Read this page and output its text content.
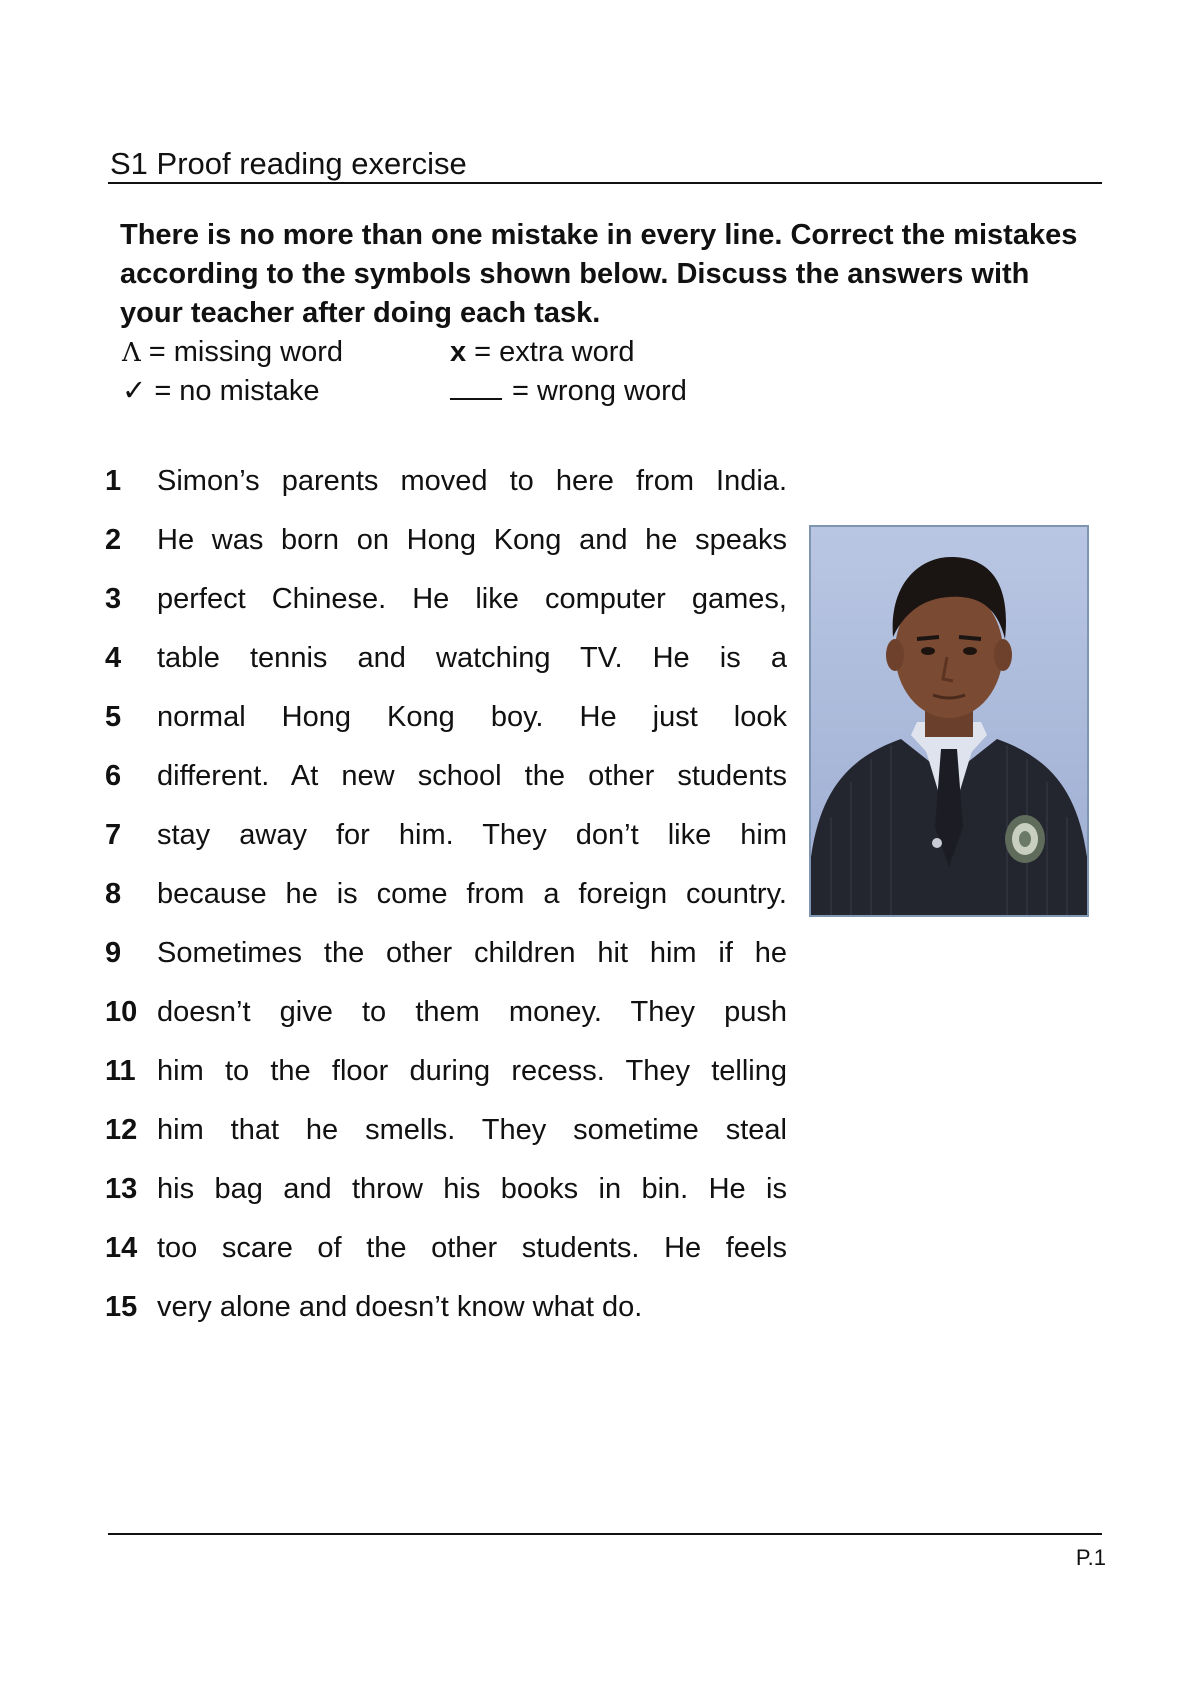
S1 Proof reading exercise
There is no more than one mistake in every line. Correct the mistakes according to the symbols shown below. Discuss the answers with your teacher after doing each task.
Λ = missing word	x = extra word
✓ = no mistake	= wrong word
1	Simon’s parents moved to here from India.
2	He was born on Hong Kong and he speaks
3	perfect Chinese. He like computer games,
4	table tennis and watching TV. He is a
5	normal Hong Kong boy. He just look
6	different. At new school the other students
7	stay away for him. They don’t like him
8	because he is come from a foreign country.
9	Sometimes the other children hit him if he
10 doesn’t give to them money. They push
11 him to the floor during recess. They telling
12 him that he smells. They sometime steal
13 his bag and throw his books in bin. He is
14 too scare of the other students. He feels
15 very alone and doesn’t know what do.
P.1
